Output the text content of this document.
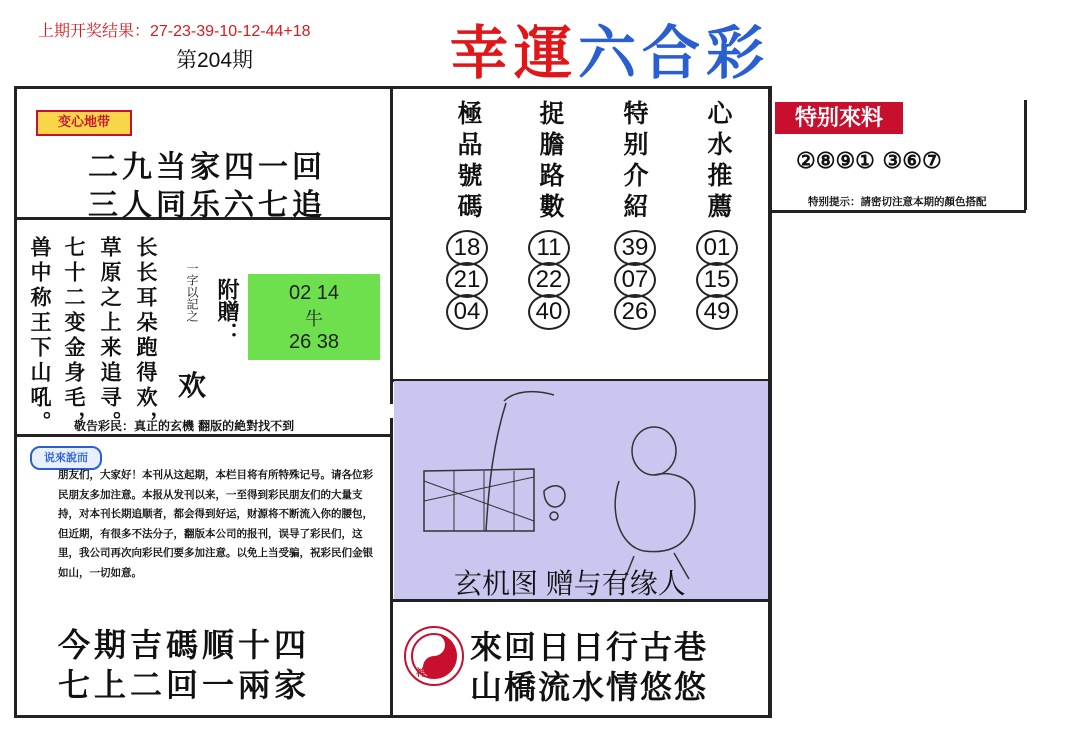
上期开奖结果：27-23-39-10-12-44+18
第204期	幸運六合彩
变心地带
二九当家四一回
三人同乐六七追
长长耳朵跑得欢，
草原之上来追寻。
七十二变金身毛，
兽中称王下山吼。	一字以記之 附贈：
欢
02 14
牛
26 38
敬告彩民：真正的玄機 翻版的絶對找不到
说來說而
朋友们，大家好！本刊从这起期，本栏目将有所特殊记号。请各位彩民朋友多加注意。本报从发刊以来，一至得到彩民朋友们的大量支持，对本刊长期追顺者，都会得到好运，财源将不断流入你的腰包，但近期，有很多不法分子，翻版本公司的报刊，误导了彩民们，这里，我公司再次向彩民们要多加注意。以免上当受骗，祝彩民们金银如山，一切如意。
今期吉碼順十四
七上二回一兩家
極品號碼 捉膽路數 特别介紹 心水推薦
18	11	39	01
21	22	07	15
04	40	26	49
玄机图 赠与有缘人
神童
來回日日行古巷
山橋流水情悠悠
特别來料
②⑧⑨① ③⑥⑦
特别提示：請密切注意本期的顏色搭配
